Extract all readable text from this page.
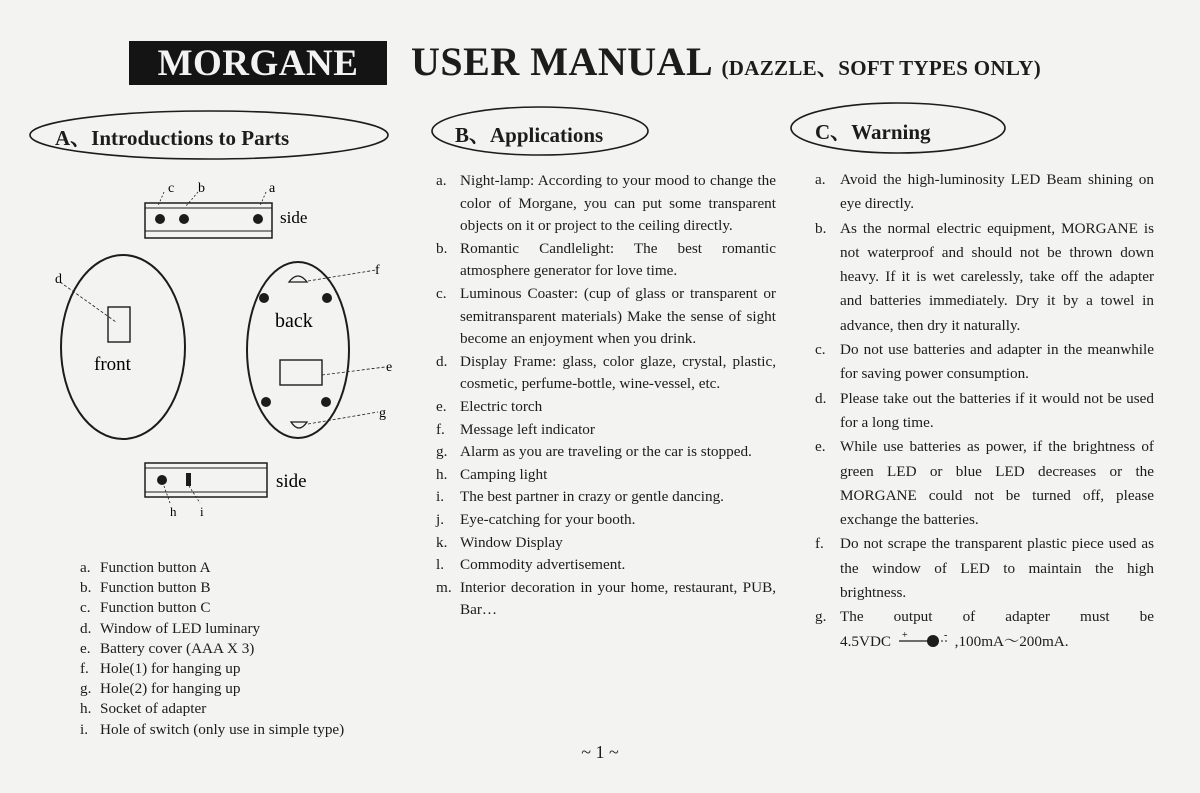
MORGANE USER MANUAL (DAZZLE、SOFT TYPES ONLY)
A、Introductions to Parts	B、Applications	C、Warning
c b	a
side
d
front
f
back
e
g
h i
side
a. Function button A
b. Function button B
c. Function button C
d. Window of LED luminary
e. Battery cover (AAA X 3)
f. Hole(1) for hanging up
g. Hole(2) for hanging up
h. Socket of adapter
i. Hole of switch (only use in simple type)
a. Night-lamp: According to your mood to change the color of Morgane, you can put some transparent objects on it or project to the ceiling directly.
b. Romantic Candlelight: The best romantic atmosphere generator for love time.
c. Luminous Coaster: (cup of glass or transparent or semitransparent materials) Make the sense of sight become an enjoyment when you drink.
d. Display Frame: glass, color glaze, crystal, plastic, cosmetic, perfume-bottle, wine-vessel, etc.
e. Electric torch
f. Message left indicator
g. Alarm as you are traveling or the car is stopped.
h. Camping light
i.	The best partner in crazy or gentle dancing.
j.	Eye-catching for your booth.
k. Window Display
l.	Commodity advertisement.
m. Interior decoration in your home, restaurant, PUB, Bar…
a. Avoid the high-luminosity LED Beam shining on eye directly.
b. As the normal electric equipment, MORGANE is not waterproof and should not be thrown down heavy. If it is wet carelessly, take off the adapter and batteries immediately. Dry it by a towel in advance, then dry it naturally.
c. Do not use batteries and adapter in the meanwhile for saving power consumption.
d. Please take out the batteries if it would not be used for a long time.
e. While use batteries as power, if the brightness of green LED or blue LED decreases or the MORGANE could not be turned off, please exchange the batteries.
f.	Do not scrape the transparent plastic piece used as the window of LED to maintain the high brightness.
g. The output of adapter must be
4.5VDC +	- ,100mA～200mA.
~ 1 ~
